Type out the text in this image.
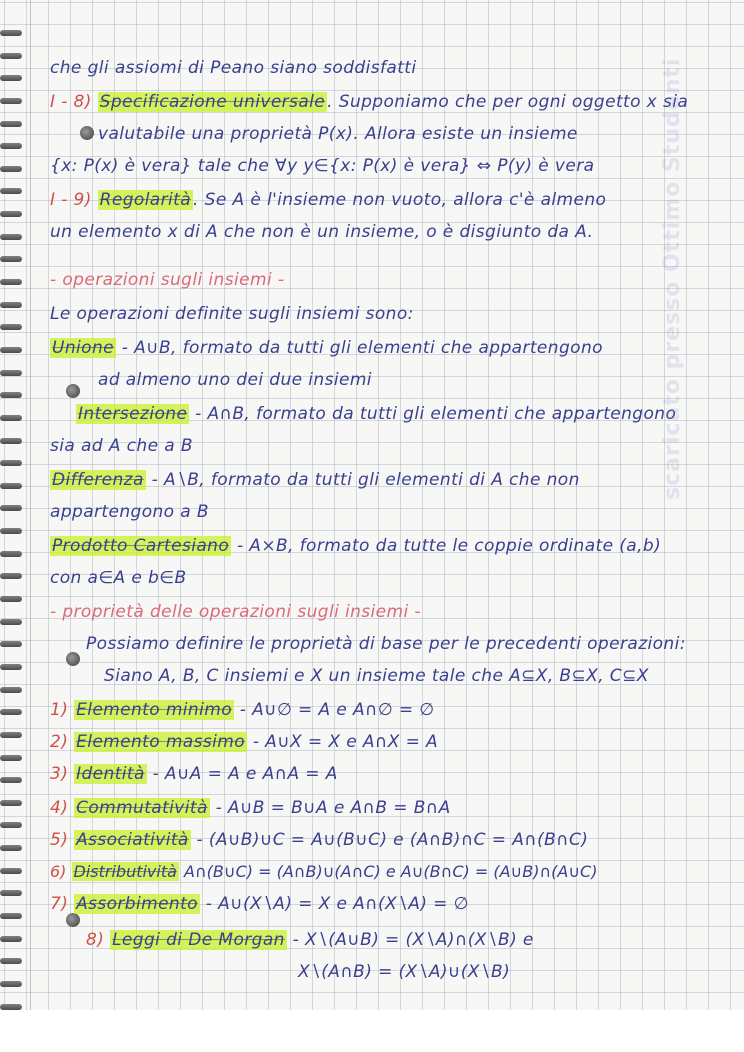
che gli assiomi di Peano siano soddisfatti
I - 8) Specificazione universale . Supponiamo che per ogni oggetto x sia
valutabile una proprietà P(x). Allora esiste un insieme
{x: P(x) è vera} tale che ∀y y∈{x: P(x) è vera} ⇔ P(y) è vera
I - 9) Regolarità . Se A è l'insieme non vuoto, allora c'è almeno
un elemento x di A che non è un insieme, o è disgiunto da A.
- operazioni sugli insiemi -
Le operazioni definite sugli insiemi sono:
Unione - A∪B, formato da tutti gli elementi che appartengono
ad almeno uno dei due insiemi
Intersezione - A∩B, formato da tutti gli elementi che appartengono
sia ad A che a B
Differenza - A∖B, formato da tutti gli elementi di A che non
appartengono a B
Prodotto Cartesiano - A×B, formato da tutte le coppie ordinate (a,b)
con a∈A e b∈B
- proprietà delle operazioni sugli insiemi -
Possiamo definire le proprietà di base per le precedenti operazioni:
Siano A, B, C insiemi e X un insieme tale che A⊆X, B⊆X, C⊆X
1) Elemento minimo - A∪∅ = A e A∩∅ = ∅
2) Elemento massimo - A∪X = X e A∩X = A
3) Identità - A∪A = A e A∩A = A
4) Commutatività - A∪B = B∪A e A∩B = B∩A
5) Associatività - (A∪B)∪C = A∪(B∪C) e (A∩B)∩C = A∩(B∩C)
6) Distributività A∩(B∪C) = (A∩B)∪(A∩C) e A∪(B∩C) = (A∪B)∩(A∪C)
7) Assorbimento - A∪(X∖A) = X e A∩(X∖A) = ∅
8) Leggi di De Morgan - X∖(A∪B) = (X∖A)∩(X∖B) e
X∖(A∩B) = (X∖A)∪(X∖B)
scaricato presso Ottimo Studenti
